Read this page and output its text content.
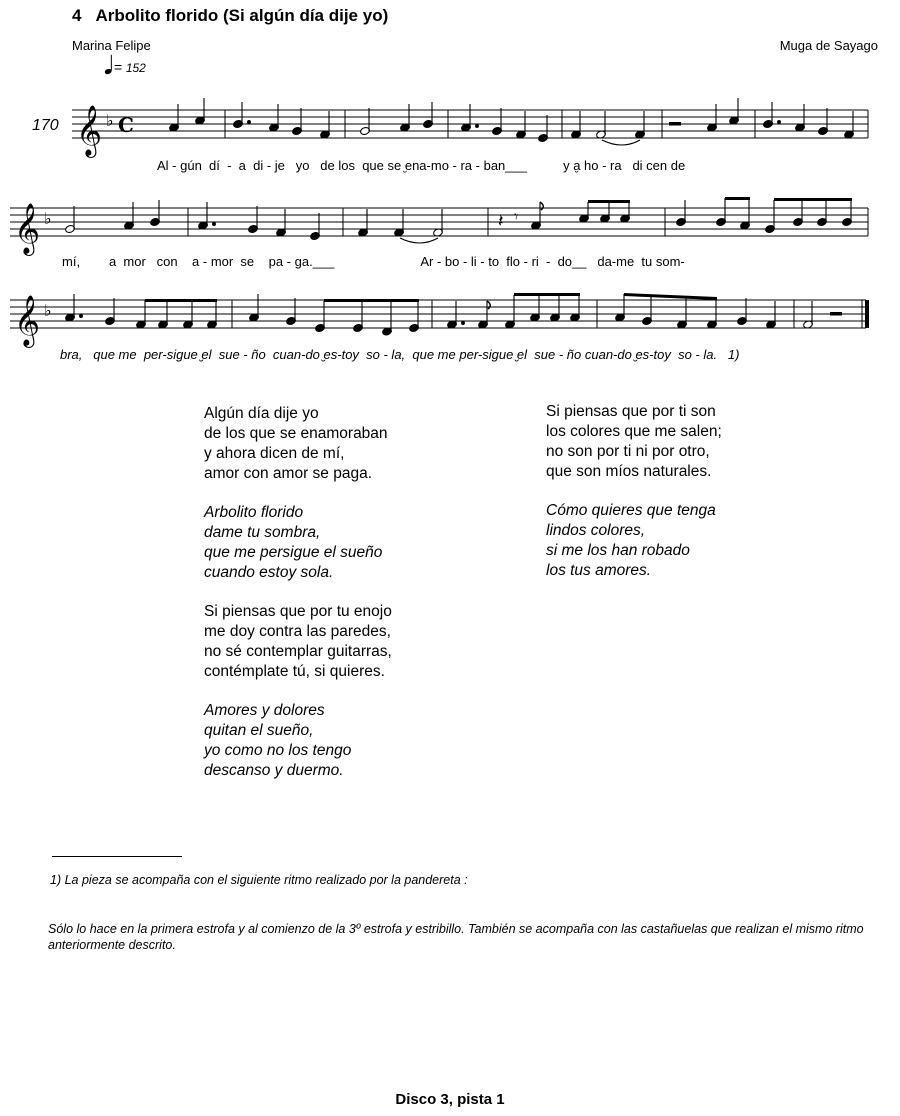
4 Arbolito florido (Si algún día dije yo)
Marina Felipe	Muga de Sayago
= 152
170 𝄞 ♭ C
Al - gún  dí  -  a  di - je   yo   de los  que se ̮ena-mo - ra - ban___          y a̮ ho - ra   di cen de
𝄞 ♭	𝄽 𝄾
mí,        a  mor   con    a - mor  se    pa - ga.___                        Ar - bo - li - to  flo - ri  -  do__   da-me  tu som-
𝄞 ♭
bra,   que me  per-sigue ̮el  sue - ño  cuan-do ̮es-toy  so - la,  que me per-sigue ̮el  sue - ño cuan-do ̮es-toy  so - la.   1)
Algún día dije yo
de los que se enamoraban
y ahora dicen de mí,
amor con amor se paga.
Arbolito florido
dame tu sombra,
que me persigue el sueño
cuando estoy sola.
Si piensas que por tu enojo
me doy contra las paredes,
no sé contemplar guitarras,
contémplate tú, si quieres.
Amores y dolores
quitan el sueño,
yo como no los tengo
descanso y duermo.
Si piensas que por ti son
los colores que me salen;
no son por ti ni por otro,
que son míos naturales.
Cómo quieres que tenga
lindos colores,
si me los han robado
los tus amores.
1) La pieza se acompaña con el siguiente ritmo realizado por la pandereta :
Sólo lo hace en la primera estrofa y al comienzo de la 3º estrofa y estribillo. También se acompaña con las castañuelas que realizan el mismo ritmo anteriormente descrito.
Disco 3, pista 1
